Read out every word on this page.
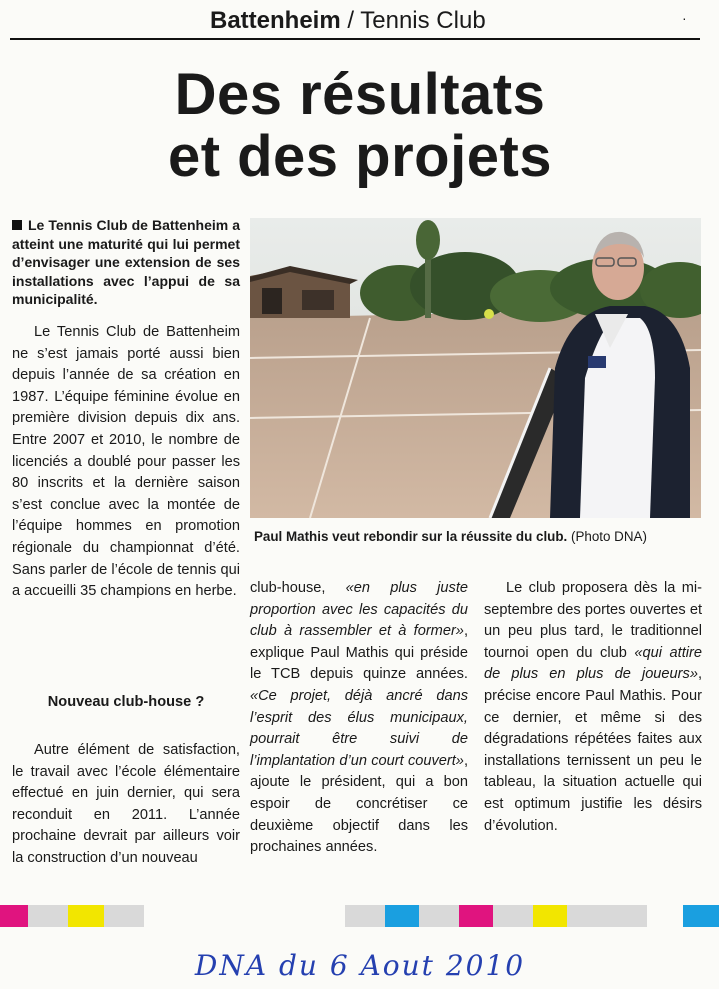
Battenheim / Tennis Club	·
Des résultats
et des projets
Le Tennis Club de Battenheim a atteint une maturité qui lui permet d’envisager une extension de ses installations avec l’appui de sa municipalité.

Le Tennis Club de Battenheim ne s’est jamais porté aussi bien depuis l’année de sa création en 1987. L’équipe féminine évolue en première division depuis dix ans. Entre 2007 et 2010, le nombre de licenciés a doublé pour passer les 80 inscrits et la dernière saison s’est conclue avec la montée de l’équipe hommes en promotion régionale du championnat d’été. Sans parler de l’école de tennis qui a accueilli 35 champions en herbe.

Nouveau club-house ?

Autre élément de satisfaction, le travail avec l’école élémentaire effectué en juin dernier, qui sera reconduit en 2011. L’année prochaine devrait par ailleurs voir la construction d’un nouveau

Paul Mathis veut rebondir sur la réussite du club. (Photo DNA)

club-house, «en plus juste proportion avec les capacités du club à rassembler et à former», explique Paul Mathis qui préside le TCB depuis quinze années. «Ce projet, déjà ancré dans l’esprit des élus municipaux, pourrait être suivi de l’implantation d’un court couvert», ajoute le président, qui a bon espoir de concrétiser ce deuxième objectif dans les prochaines années.

Le club proposera dès la mi-septembre des portes ouvertes et un peu plus tard, le traditionnel tournoi open du club «qui attire de plus en plus de joueurs», précise encore Paul Mathis. Pour ce dernier, et même si des dégradations répétées faites aux installations ternissent un peu le tableau, la situation actuelle qui est optimum justifie les désirs d’évolution.

DNA du 6 Aout 2010
